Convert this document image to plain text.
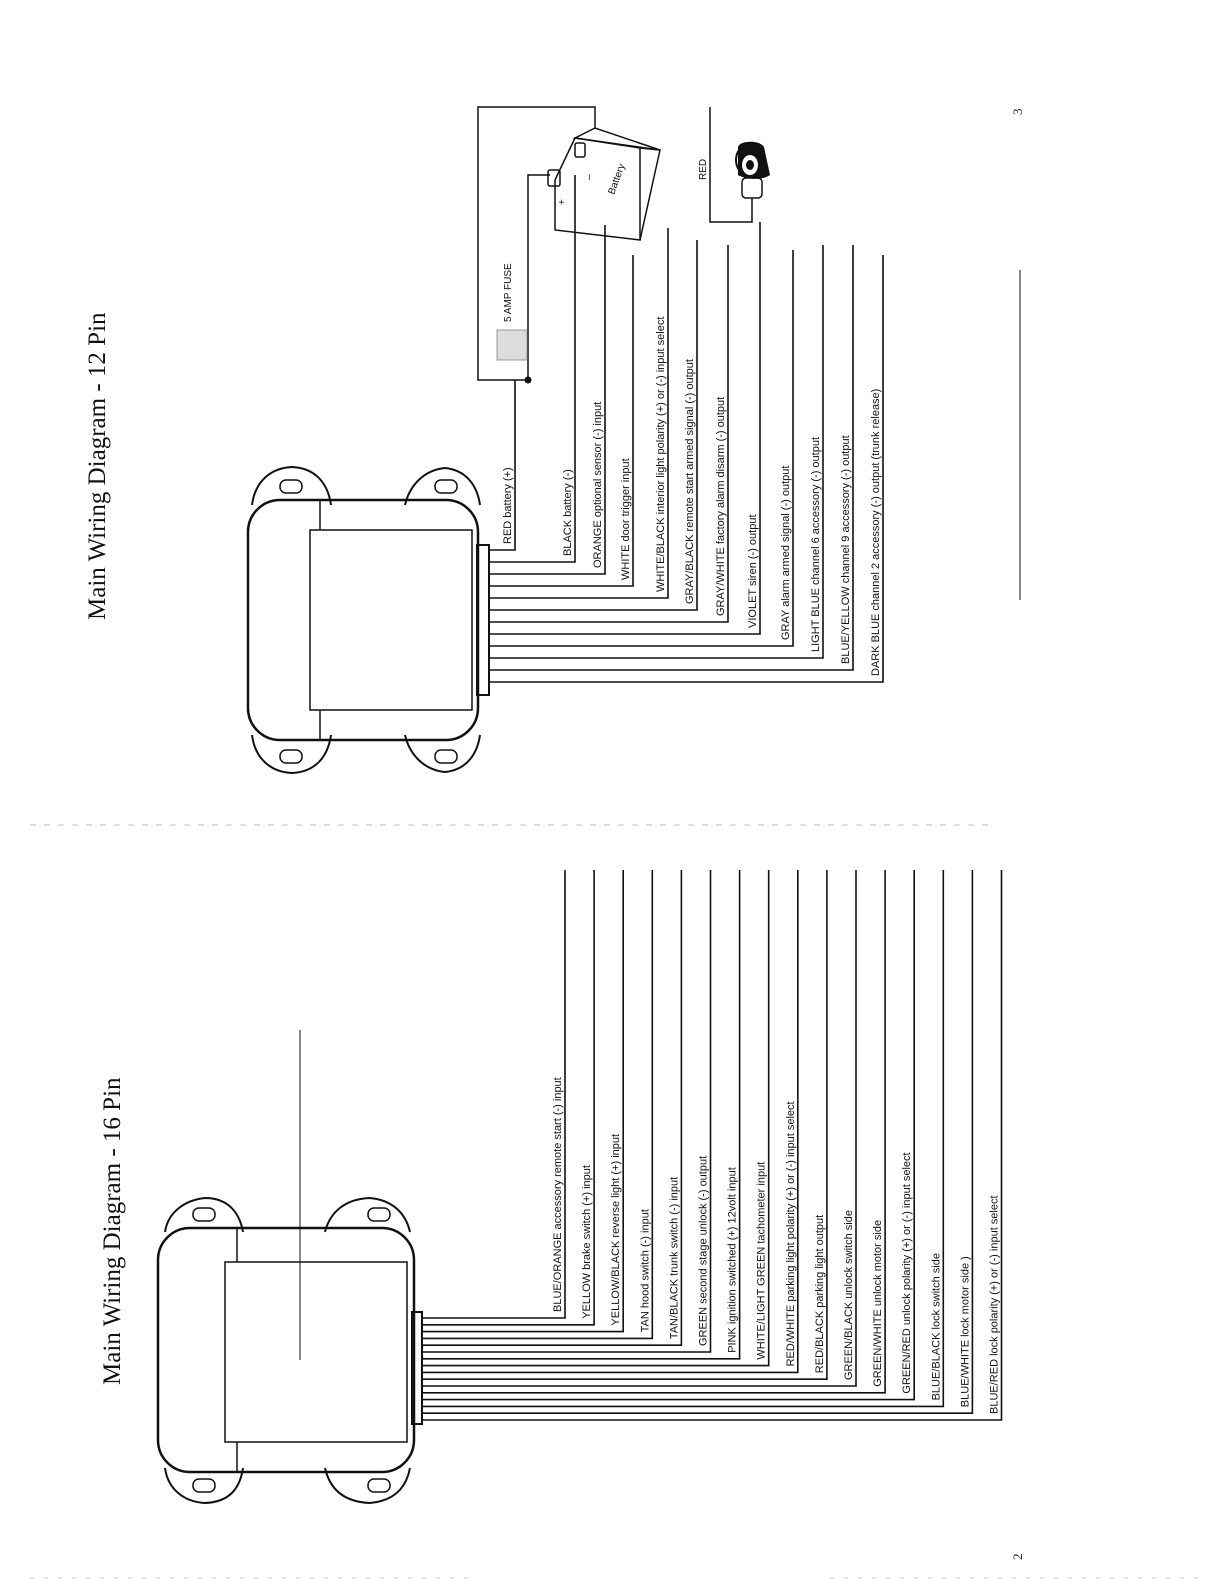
Main Wiring Diagram - 16 Pin	BLUE/ORANGE accessory remote start (-) input YELLOW brake switch (+) input YELLOW/BLACK reverse light (+) input TAN hood switch (-) input TAN/BLACK trunk switch (-) input GREEN second stage unlock (-) output PINK ignition switched (+) 12volt input WHITE/LIGHT GREEN tachometer input RED/WHITE parking light polarity (+) or (-) input select RED/BLACK parking light output GREEN/BLACK unlock switch side GREEN/WHITE unlock motor side GREEN/RED unlock polarity (+) or (-) input select BLUE/BLACK lock switch side BLUE/WHITE lock motor side ) BLUE/RED lock polarity (+) or (-) input select
Main Wiring Diagram - 12 Pin	RED battery (+)	BLACK battery (-) ORANGE optional sensor (-) input WHITE door trigger input WHITE/BLACK interior light polarity (+) or (-) input select GRAY/BLACK remote start armed signal (-) output GRAY/WHITE factory alarm disarm (-) output VIOLET siren (-) output GRAY alarm armed signal (-) output LIGHT BLUE channel 6 accessory (-) output BLUE/YELLOW channel 9 accessory (-) output DARK BLUE channel 2 accessory (-) output (trunk release)
5 AMP FUSE
Battery
+
–	RED
2
3
